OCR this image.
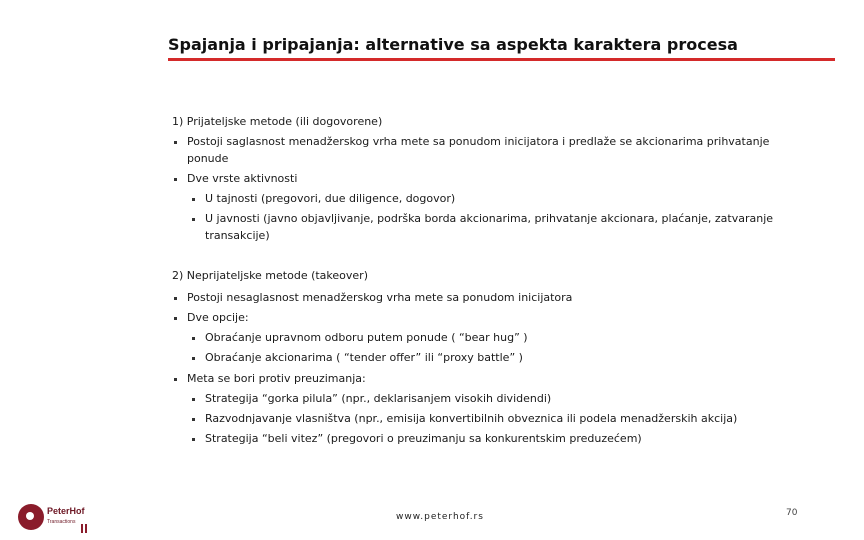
Spajanja i pripajanja: alternative sa aspekta karaktera procesa
1) Prijateljske metode (ili dogovorene)
Postoji saglasnost menadžerskog vrha mete sa ponudom inicijatora i predlaže se akcionarima prihvatanje
ponude
Dve vrste aktivnosti
U tajnosti (pregovori, due diligence, dogovor)
U javnosti (javno objavljivanje, podrška borda akcionarima, prihvatanje akcionara, plaćanje, zatvaranje
transakcije)
2) Neprijateljske metode (takeover)
Postoji nesaglasnost menadžerskog vrha mete sa ponudom inicijatora
Dve opcije:
Obraćanje upravnom odboru putem ponude ( “bear hug” )
Obraćanje akcionarima ( “tender offer” ili “proxy battle” )
Meta se bori protiv preuzimanja:
Strategija “gorka pilula” (npr., deklarisanjem visokih dividendi)
Razvodnjavanje vlasništva (npr., emisija konvertibilnih obveznica ili podela menadžerskih akcija)
Strategija “beli vitez” (pregovori o preuzimanju sa konkurentskim preduzećem)
PeterHof
Transactions	www.peterhof.rs	70
